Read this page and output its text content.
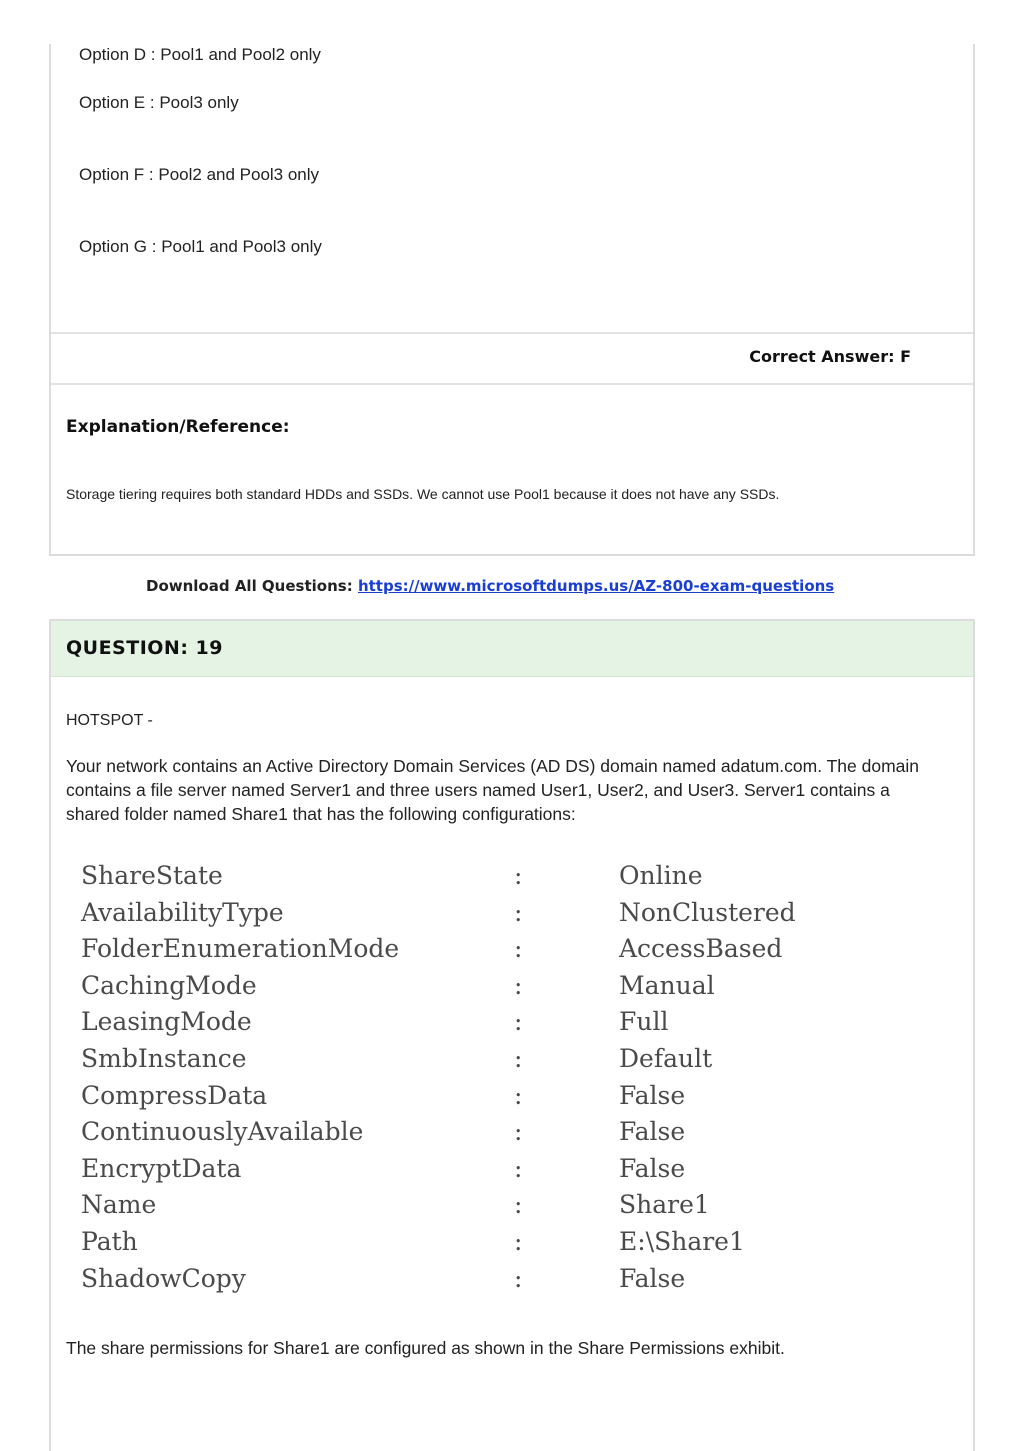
Option D : Pool1 and Pool2 only
Option E : Pool3 only
Option F : Pool2 and Pool3 only
Option G : Pool1 and Pool3 only
Correct Answer: F
Explanation/Reference:
Storage tiering requires both standard HDDs and SSDs. We cannot use Pool1 because it does not have any SSDs.
Download All Questions: https://www.microsoftdumps.us/AZ-800-exam-questions
QUESTION: 19
HOTSPOT -
Your network contains an Active Directory Domain Services (AD DS) domain named adatum.com. The domain contains a file server named Server1 and three users named User1, User2, and User3. Server1 contains a shared folder named Share1 that has the following configurations:
ShareState	:	Online
AvailabilityType	:	NonClustered
FolderEnumerationMode	:	AccessBased
CachingMode	:	Manual
LeasingMode	:	Full
SmbInstance	:	Default
CompressData	:	False
ContinuouslyAvailable	:	False
EncryptData	:	False
Name	:	Share1
Path	:	E:\Share1
ShadowCopy	:	False
The share permissions for Share1 are configured as shown in the Share Permissions exhibit.
